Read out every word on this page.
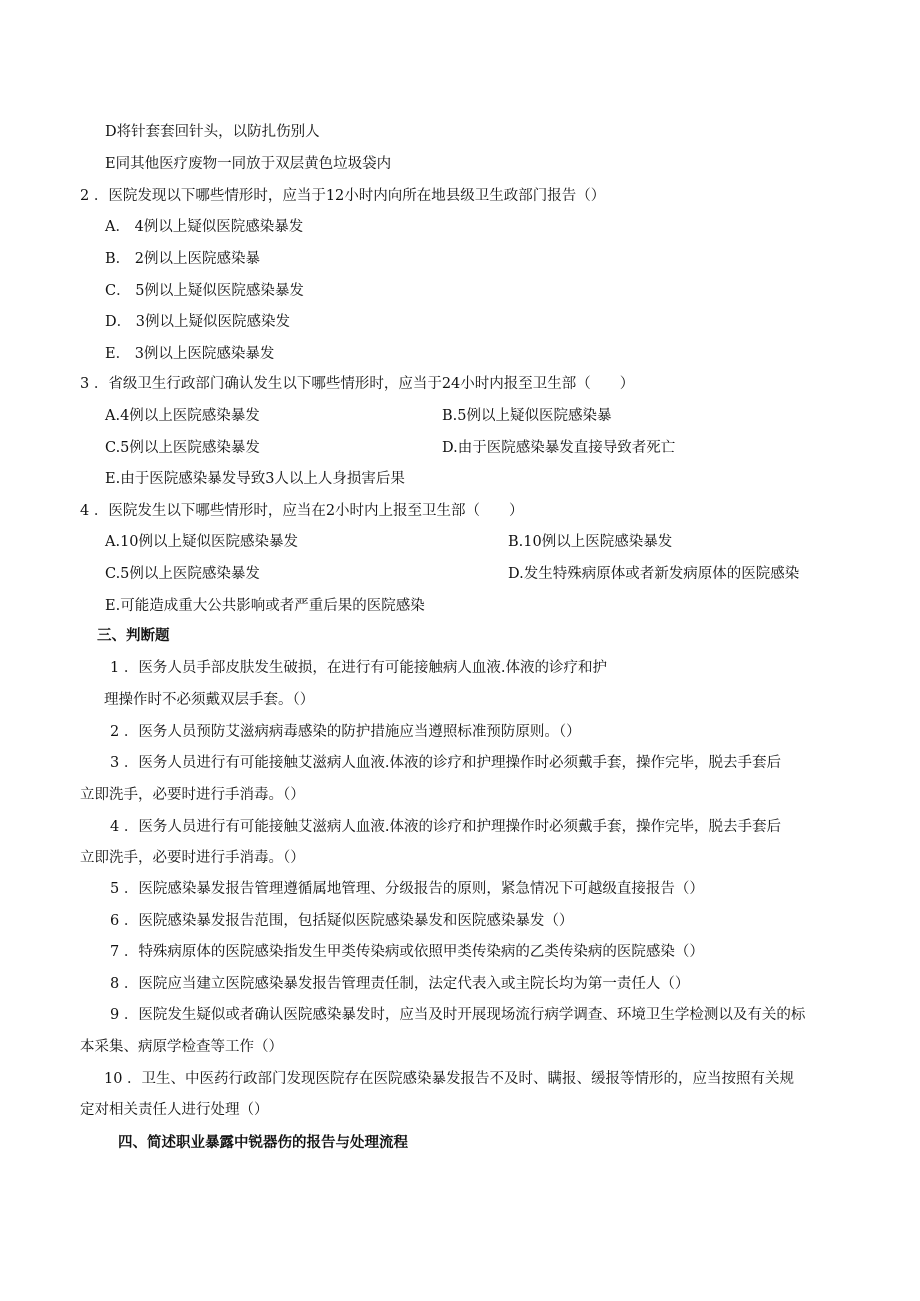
D将针套套回针头，以防扎伤别人
E同其他医疗废物一同放于双层黄色垃圾袋内
2 ．医院发现以下哪些情形时，应当于12小时内向所在地县级卫生政部门报告（）
A． 4例以上疑似医院感染暴发
B． 2例以上医院感染暴
C． 5例以上疑似医院感染暴发
D． 3例以上疑似医院感染发
E． 3例以上医院感染暴发
3 ．省级卫生行政部门确认发生以下哪些情形时，应当于24小时内报至卫生部（　　）
A.4例以上医院感染暴发	B.5例以上疑似医院感染暴
C.5例以上医院感染暴发	D.由于医院感染暴发直接导致者死亡
E.由于医院感染暴发导致3人以上人身损害后果
4 ．医院发生以下哪些情形时，应当在2小时内上报至卫生部（　　）
A.10例以上疑似医院感染暴发	B.10例以上医院感染暴发
C.5例以上医院感染暴发	D.发生特殊病原体或者新发病原体的医院感染
E.可能造成重大公共影响或者严重后果的医院感染
三、判断题
1 ．医务人员手部皮肤发生破损，在进行有可能接触病人血液.体液的诊疗和护
理操作时不必须戴双层手套。（）
2 ．医务人员预防艾滋病病毒感染的防护措施应当遵照标准预防原则。（）
3 ．医务人员进行有可能接触艾滋病人血液.体液的诊疗和护理操作时必须戴手套，操作完毕，脱去手套后
立即洗手，必要时进行手消毒。（）
4 ．医务人员进行有可能接触艾滋病人血液.体液的诊疗和护理操作时必须戴手套，操作完毕，脱去手套后
立即洗手，必要时进行手消毒。（）
5 ．医院感染暴发报告管理遵循属地管理、分级报告的原则，紧急情况下可越级直接报告（）
6 ．医院感染暴发报告范围，包括疑似医院感染暴发和医院感染暴发（）
7 ．特殊病原体的医院感染指发生甲类传染病或依照甲类传染病的乙类传染病的医院感染（）
8 ．医院应当建立医院感染暴发报告管理责任制，法定代表入或主院长均为第一责任人（）
9 ．医院发生疑似或者确认医院感染暴发时，应当及时开展现场流行病学调查、环境卫生学检测以及有关的标
本采集、病原学检查等工作（）
10 ．卫生、中医药行政部门发现医院存在医院感染暴发报告不及时、瞒报、缓报等情形的，应当按照有关规
定对相关责任人进行处理（）
四、简述职业暴露中锐器伤的报告与处理流程
